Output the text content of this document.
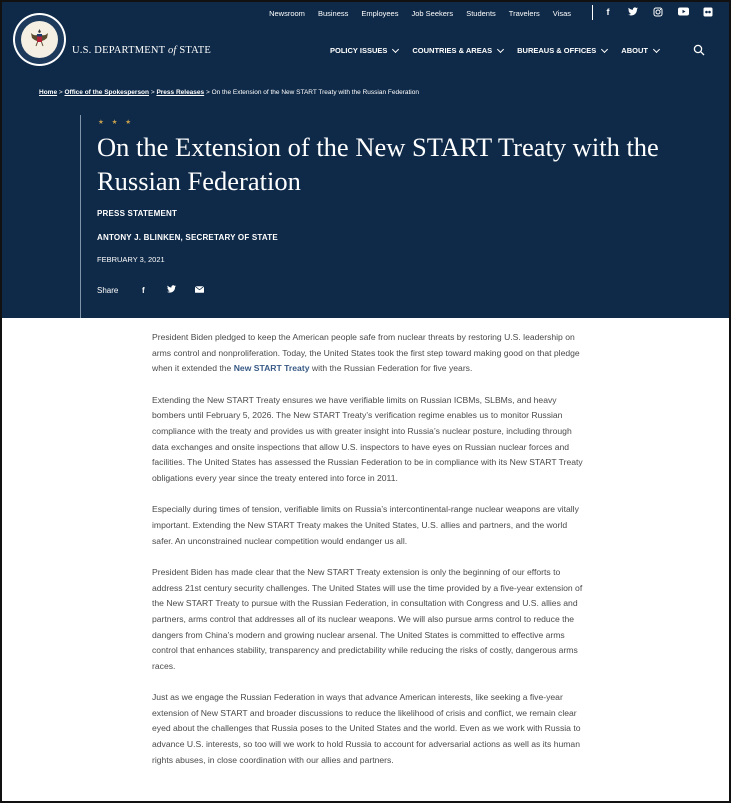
Newsroom Business Employees Job Seekers Students Travelers Visas	f
U.S. DEPARTMENT of STATE	POLICY ISSUES	COUNTRIES & AREAS	BUREAUS & OFFICES	ABOUT
Home > Office of the Spokesperson > Press Releases > On the Extension of the New START Treaty with the Russian Federation
★ ★ ★
On the Extension of the New START Treaty with the Russian Federation
PRESS STATEMENT
ANTONY J. BLINKEN, SECRETARY OF STATE
FEBRUARY 3, 2021
Share	f

President Biden pledged to keep the American people safe from nuclear threats by restoring U.S. leadership on arms control and nonproliferation. Today, the United States took the first step toward making good on that pledge when it extended the New START Treaty with the Russian Federation for five years.

Extending the New START Treaty ensures we have verifiable limits on Russian ICBMs, SLBMs, and heavy bombers until February 5, 2026. The New START Treaty’s verification regime enables us to monitor Russian compliance with the treaty and provides us with greater insight into Russia’s nuclear posture, including through data exchanges and onsite inspections that allow U.S. inspectors to have eyes on Russian nuclear forces and facilities. The United States has assessed the Russian Federation to be in compliance with its New START Treaty obligations every year since the treaty entered into force in 2011.

Especially during times of tension, verifiable limits on Russia’s intercontinental-range nuclear weapons are vitally important. Extending the New START Treaty makes the United States, U.S. allies and partners, and the world safer. An unconstrained nuclear competition would endanger us all.

President Biden has made clear that the New START Treaty extension is only the beginning of our efforts to address 21st century security challenges. The United States will use the time provided by a five-year extension of the New START Treaty to pursue with the Russian Federation, in consultation with Congress and U.S. allies and partners, arms control that addresses all of its nuclear weapons. We will also pursue arms control to reduce the dangers from China’s modern and growing nuclear arsenal. The United States is committed to effective arms control that enhances stability, transparency and predictability while reducing the risks of costly, dangerous arms races.

Just as we engage the Russian Federation in ways that advance American interests, like seeking a five-year extension of New START and broader discussions to reduce the likelihood of crisis and conflict, we remain clear eyed about the challenges that Russia poses to the United States and the world. Even as we work with Russia to advance U.S. interests, so too will we work to hold Russia to account for adversarial actions as well as its human rights abuses, in close coordination with our allies and partners.
